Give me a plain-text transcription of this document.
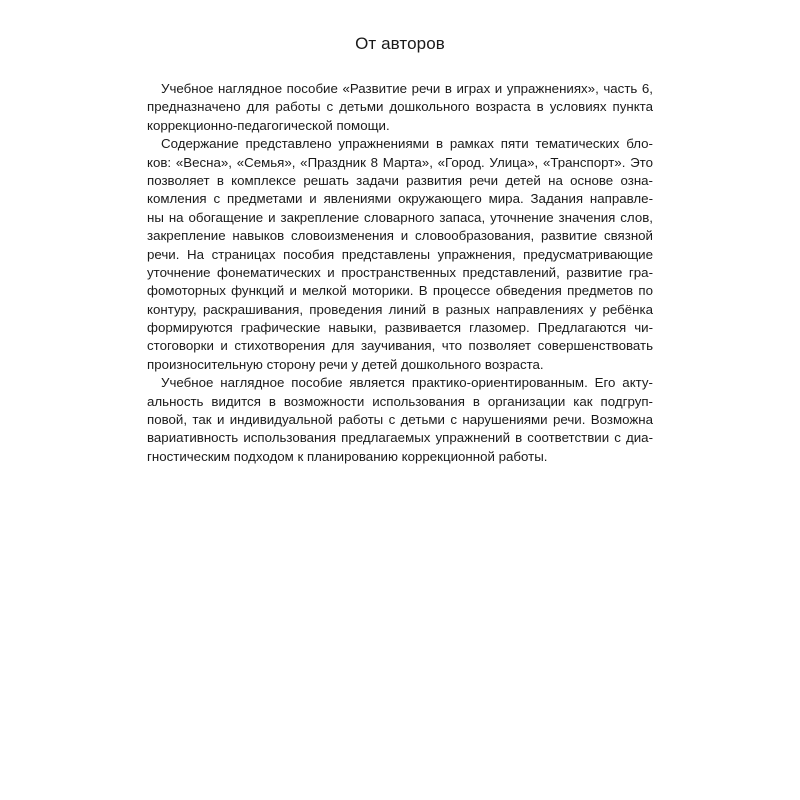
От авторов

Учебное наглядное пособие «Развитие речи в играх и упражнениях», часть 6,
предназначено для работы с детьми дошкольного возраста в условиях пункта
коррекционно-педагогической помощи.

Содержание представлено упражнениями в рамках пяти тематических бло-
ков: «Весна», «Семья», «Праздник 8 Марта», «Город. Улица», «Транспорт». Это
позволяет в комплексе решать задачи развития речи детей на основе озна-
комления с предметами и явлениями окружающего мира. Задания направле-
ны на обогащение и закрепление словарного запаса, уточнение значения слов,
закрепление навыков словоизменения и словообразования, развитие связной
речи. На страницах пособия представлены упражнения, предусматривающие
уточнение фонематических и пространственных представлений, развитие гра-
фомоторных функций и мелкой моторики. В процессе обведения предметов по
контуру, раскрашивания, проведения линий в разных направлениях у ребёнка
формируются графические навыки, развивается глазомер. Предлагаются чи-
стоговорки и стихотворения для заучивания, что позволяет совершенствовать
произносительную сторону речи у детей дошкольного возраста.

Учебное наглядное пособие является практико-ориентированным. Его акту-
альность видится в возможности использования в организации как подгруп-
повой, так и индивидуальной работы с детьми с нарушениями речи. Возможна
вариативность использования предлагаемых упражнений в соответствии с диа-
гностическим подходом к планированию коррекционной работы.
